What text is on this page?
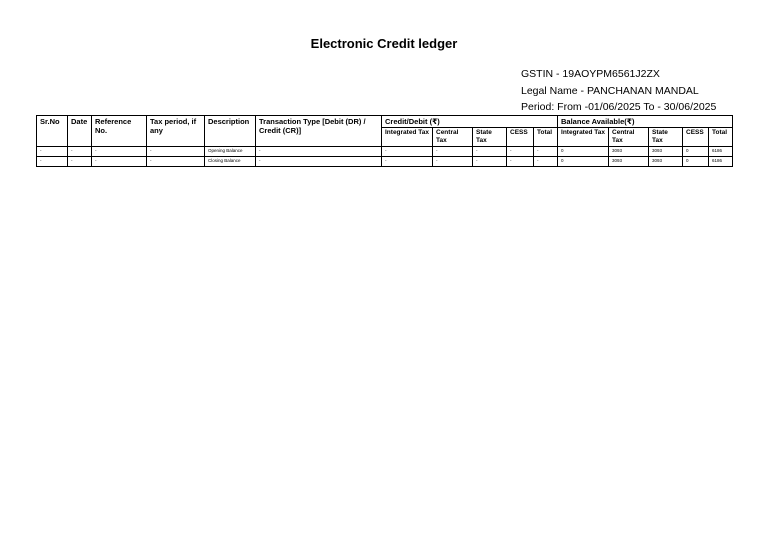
Electronic Credit ledger
GSTIN - 19AOYPM6561J2ZX
Legal Name - PANCHANAN MANDAL
Period: From -01/06/2025 To - 30/06/2025
Sr.No	Date	Reference No.	Tax period, if any	Description	Transaction Type [Debit (DR) / Credit (CR)]	Credit/Debit (₹)					Balance Available(₹)				
						Integrated Tax	Central Tax	State Tax	CESS	Total	Integrated Tax	Central Tax	State Tax	CESS	Total
-	-	-	-	Opening Balance	-	-	-	-	-	-	0	3093	3093	0	6186
-	-	-	-	Closing Balance	-	-	-	-	-	-	0	3093	3093	0	6186
